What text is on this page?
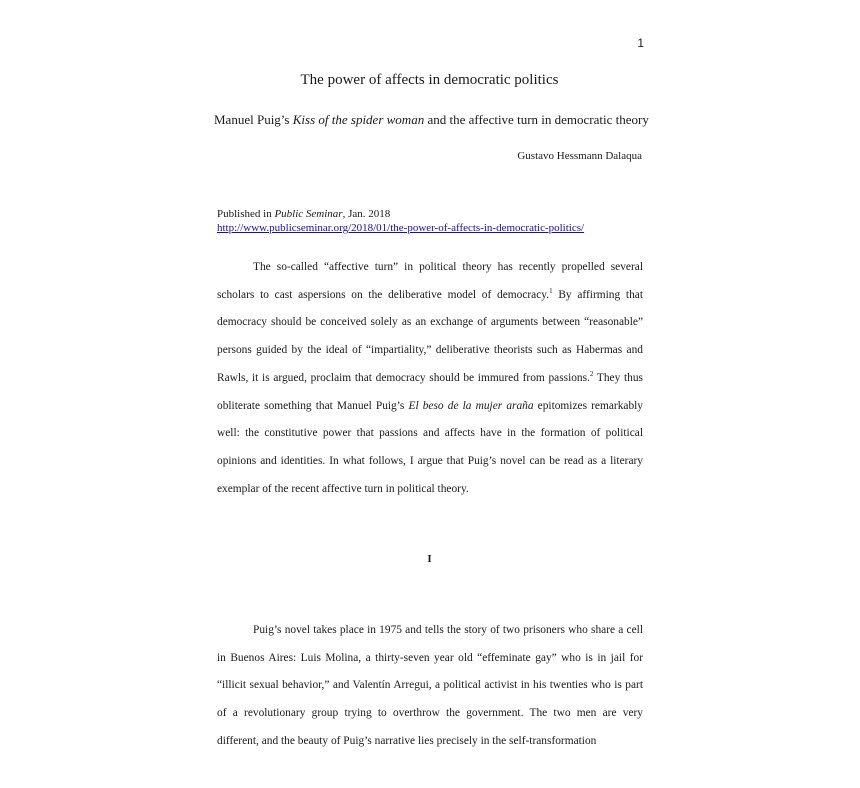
1
The power of affects in democratic politics
Manuel Puig’s Kiss of the spider woman and the affective turn in democratic theory
Gustavo Hessmann Dalaqua
Published in Public Seminar, Jan. 2018
http://www.publicseminar.org/2018/01/the-power-of-affects-in-democratic-politics/

The so-called “affective turn” in political theory has recently propelled several scholars to cast aspersions on the deliberative model of democracy.$^1$ By affirming that democracy should be conceived solely as an exchange of arguments between “reasonable” persons guided by the ideal of “impartiality,” deliberative theorists such as Habermas and Rawls, it is argued, proclaim that democracy should be immured from passions.$^2$ They thus obliterate something that Manuel Puig’s El beso de la mujer araña epitomizes remarkably well: the constitutive power that passions and affects have in the formation of political opinions and identities. In what follows, I argue that Puig’s novel can be read as a literary exemplar of the recent affective turn in political theory.

I

Puig’s novel takes place in 1975 and tells the story of two prisoners who share a cell in Buenos Aires: Luis Molina, a thirty-seven year old “effeminate gay” who is in jail for “illicit sexual behavior,” and Valentín Arregui, a political activist in his twenties who is part of a revolutionary group trying to overthrow the government. The two men are very different, and the beauty of Puig’s narrative lies precisely in the self-transformation
